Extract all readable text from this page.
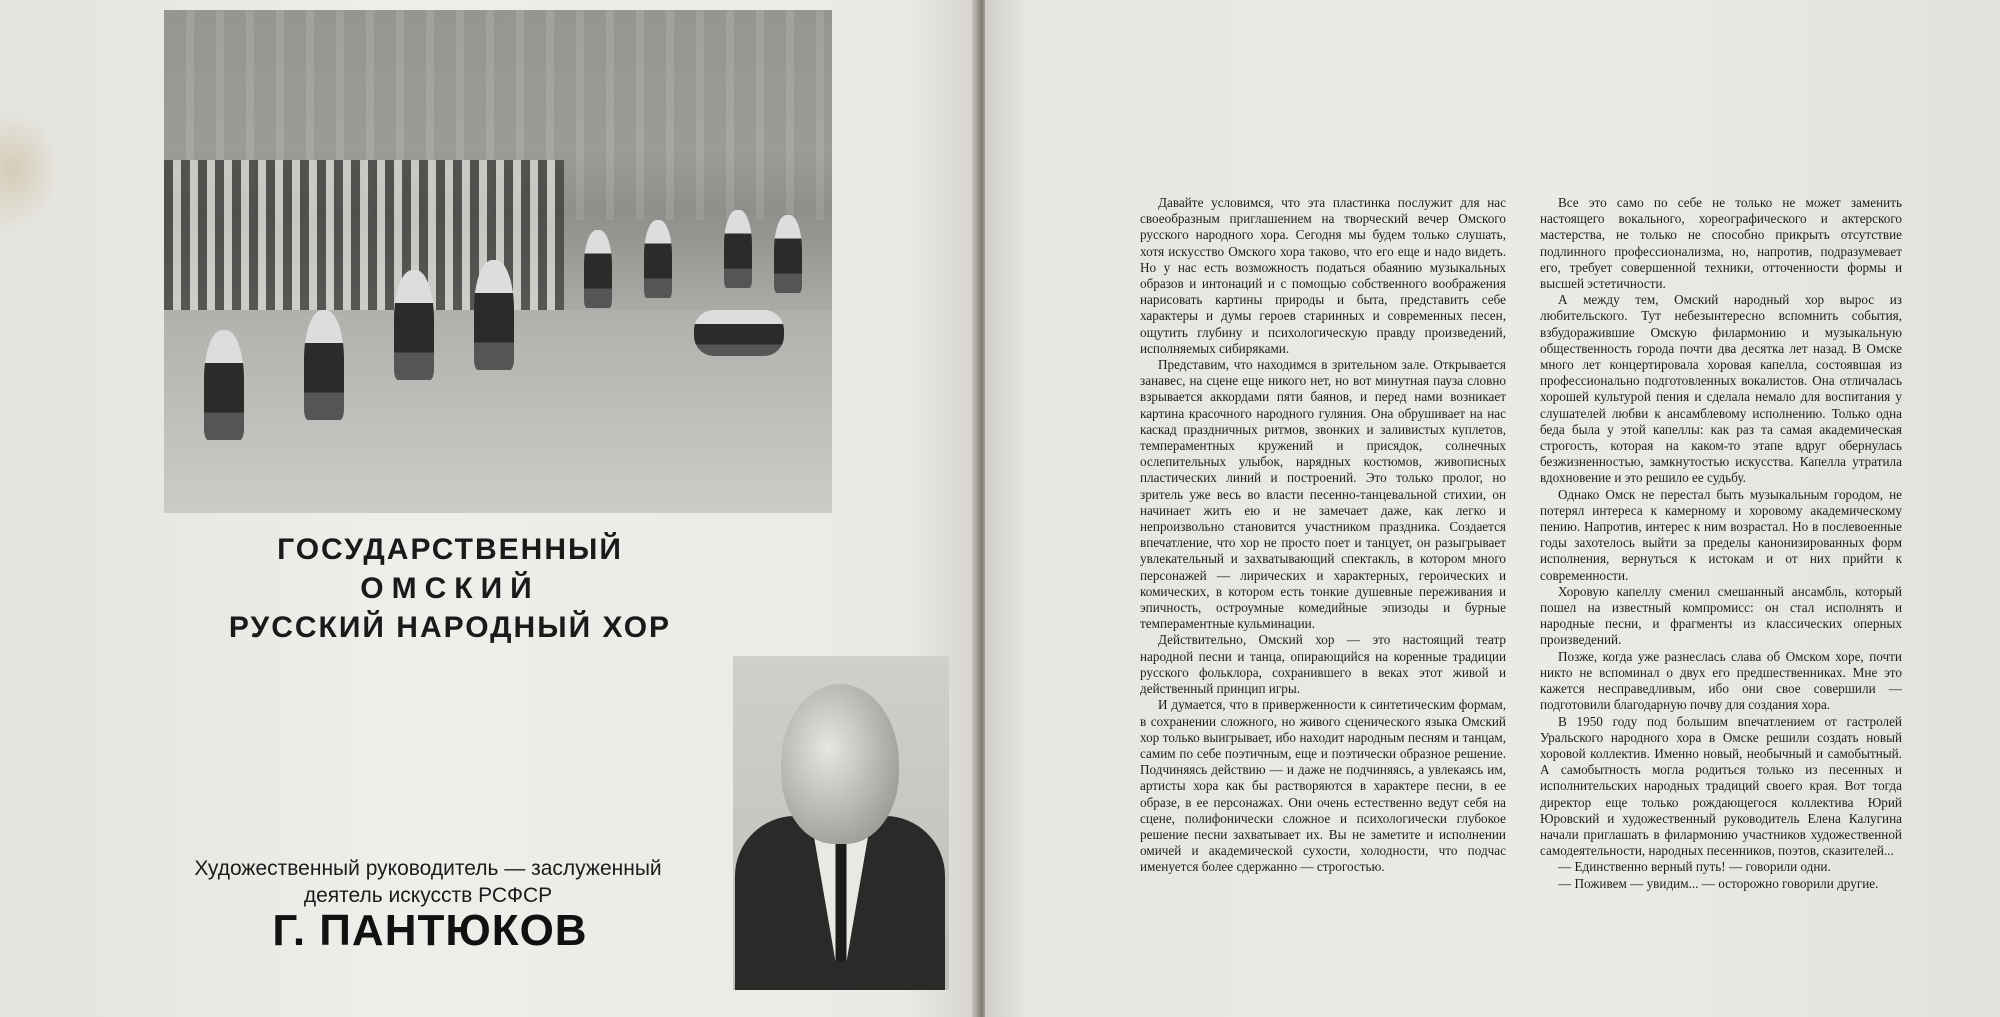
ГОСУДАРСТВЕННЫЙ
ОМСКИЙ
РУССКИЙ НАРОДНЫЙ ХОР
Художественный руководитель — заслуженный
деятель искусств РСФСР
Г. ПАНТЮКОВ

Давайте условимся, что эта пластинка послужит для нас своеобразным приглашением на творческий вечер Омского русского народного хора. Сегодня мы будем только слушать, хотя искусство Омского хора таково, что его еще и надо видеть. Но у нас есть возможность податься обаянию музыкальных образов и интонаций и с помощью собственного воображения нарисовать картины природы и быта, представить себе характеры и думы героев старинных и современных песен, ощутить глубину и психологическую правду произведений, исполняемых сибиряками.

Представим, что находимся в зрительном зале. Открывается занавес, на сцене еще никого нет, но вот минутная пауза словно взрывается аккордами пяти баянов, и перед нами возникает картина красочного народного гуляния. Она обрушивает на нас каскад праздничных ритмов, звонких и заливистых куплетов, темпераментных кружений и присядок, солнечных ослепительных улыбок, нарядных костюмов, живописных пластических линий и построений. Это только пролог, но зритель уже весь во власти песенно-танцевальной стихии, он начинает жить ею и не замечает даже, как легко и непроизвольно становится участником праздника. Создается впечатление, что хор не просто поет и танцует, он разыгрывает увлекательный и захватывающий спектакль, в котором много персонажей — лирических и характерных, героических и комических, в котором есть тонкие душевные переживания и эпичность, остроумные комедийные эпизоды и бурные темпераментные кульминации.

Действительно, Омский хор — это настоящий театр народной песни и танца, опирающийся на коренные традиции русского фольклора, сохранившего в веках этот живой и действенный принцип игры.

И думается, что в приверженности к синтетическим формам, в сохранении сложного, но живого сценического языка Омский хор только выигрывает, ибо находит народным песням и танцам, самим по себе поэтичным, еще и поэтически образное решение. Подчиняясь действию — и даже не подчиняясь, а увлекаясь им, артисты хора как бы растворяются в характере песни, в ее образе, в ее персонажах. Они очень естественно ведут себя на сцене, полифонически сложное и психологически глубокое решение песни захватывает их. Вы не заметите и исполнении омичей и академической сухости, холодности, что подчас именуется более сдержанно — строгостью.

Все это само по себе не только не может заменить настоящего вокального, хореографического и актерского мастерства, не только не способно прикрыть отсутствие подлинного профессионализма, но, напротив, подразумевает его, требует совершенной техники, отточенности формы и высшей эстетичности.

А между тем, Омский народный хор вырос из любительского. Тут небезынтересно вспомнить события, взбудоражившие Омскую филармонию и музыкальную общественность города почти два десятка лет назад. В Омске много лет концертировала хоровая капелла, состоявшая из профессионально подготовленных вокалистов. Она отличалась хорошей культурой пения и сделала немало для воспитания у слушателей любви к ансамблевому исполнению. Только одна беда была у этой капеллы: как раз та самая академическая строгость, которая на каком-то этапе вдруг обернулась безжизненностью, замкнутостью искусства. Капелла утратила вдохновение и это решило ее судьбу.

Однако Омск не перестал быть музыкальным городом, не потерял интереса к камерному и хоровому академическому пению. Напротив, интерес к ним возрастал. Но в послевоенные годы захотелось выйти за пределы канонизированных форм исполнения, вернуться к истокам и от них прийти к современности.

Хоровую капеллу сменил смешанный ансамбль, который пошел на известный компромисс: он стал исполнять и народные песни, и фрагменты из классических оперных произведений.

Позже, когда уже разнеслась слава об Омском хоре, почти никто не вспоминал о двух его предшественниках. Мне это кажется несправедливым, ибо они свое совершили — подготовили благодарную почву для создания хора.

В 1950 году под большим впечатлением от гастролей Уральского народного хора в Омске решили создать новый хоровой коллектив. Именно новый, необычный и самобытный. А самобытность могла родиться только из песенных и исполнительских народных традиций своего края. Вот тогда директор еще только рождающегося коллектива Юрий Юровский и художественный руководитель Елена Калугина начали приглашать в филармонию участников художественной самодеятельности, народных песенников, поэтов, сказителей...

— Единственно верный путь! — говорили одни.

— Поживем — увидим... — осторожно говорили другие.
